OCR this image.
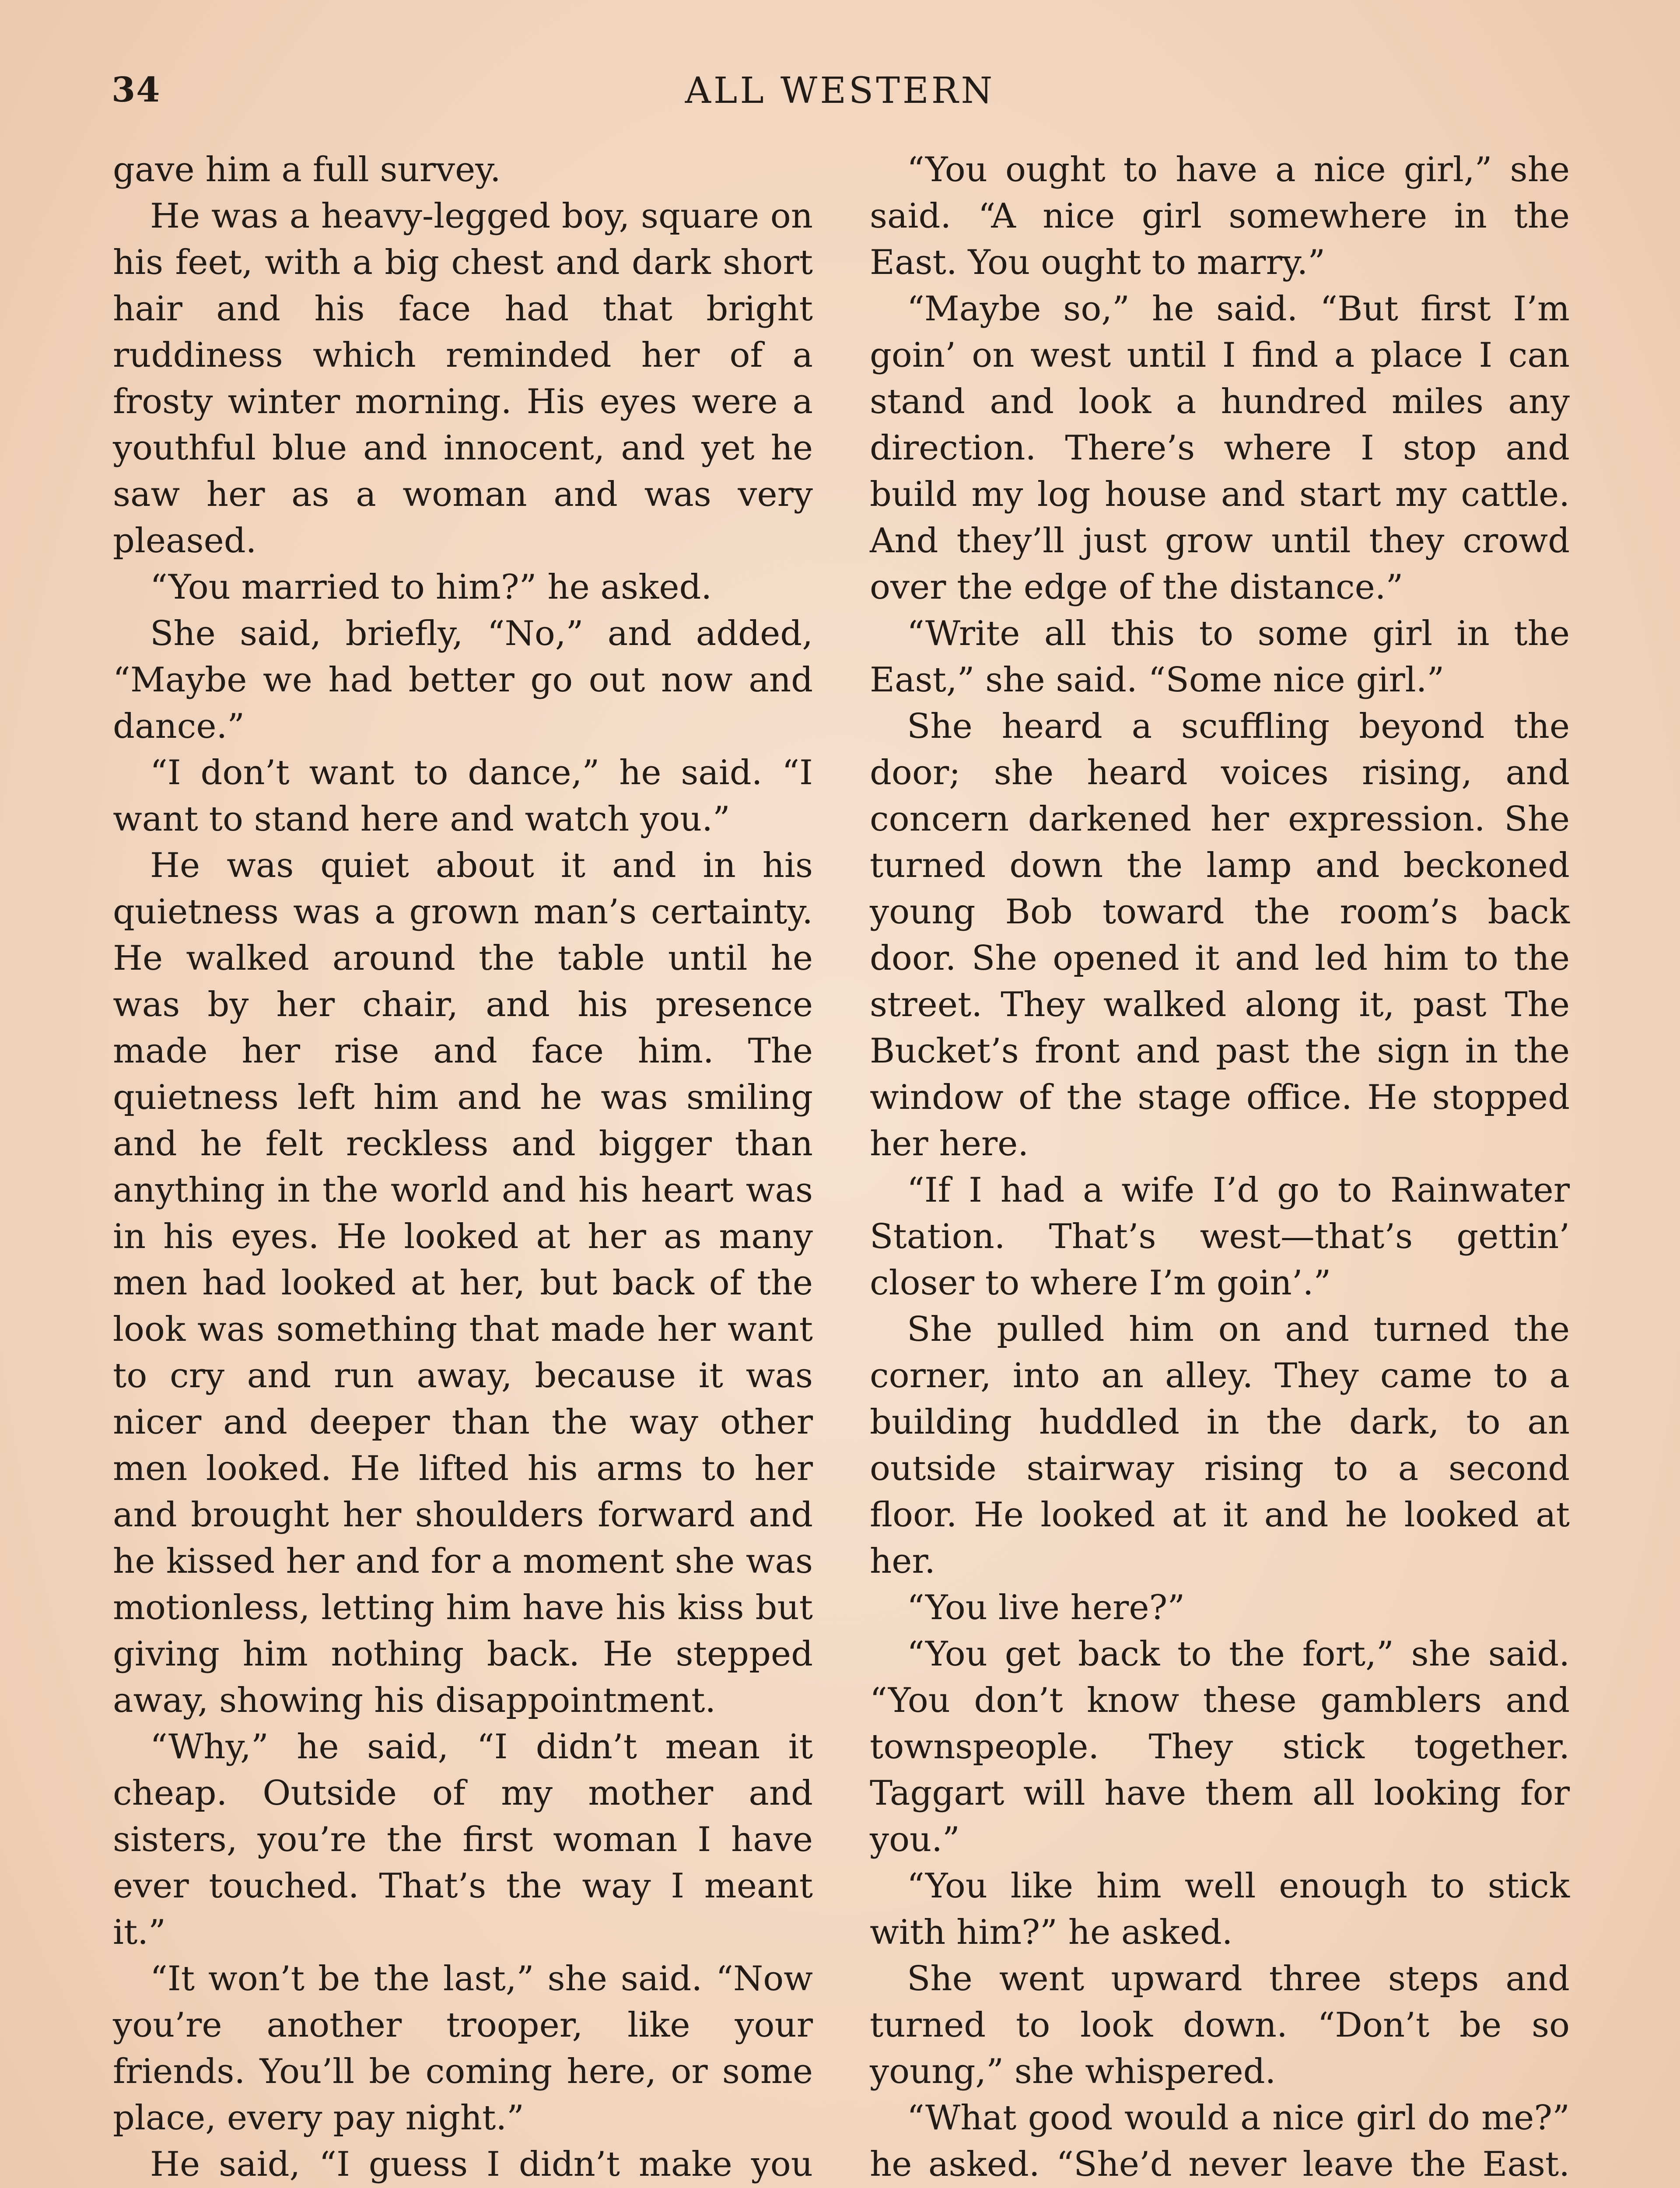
34	ALL WESTERN

gave him a full survey.

He was a heavy-legged boy, square on his feet, with a big chest and dark short hair and his face had that bright ruddiness which reminded her of a frosty winter morning. His eyes were a youthful blue and innocent, and yet he saw her as a woman and was very pleased.

“You married to him?” he asked.

She said, briefly, “No,” and added, “Maybe we had better go out now and dance.”

“I don’t want to dance,” he said. “I want to stand here and watch you.”

He was quiet about it and in his quietness was a grown man’s certainty. He walked around the table until he was by her chair, and his presence made her rise and face him. The quietness left him and he was smiling and he felt reckless and bigger than anything in the world and his heart was in his eyes. He looked at her as many men had looked at her, but back of the look was something that made her want to cry and run away, because it was nicer and deeper than the way other men looked. He lifted his arms to her and brought her shoulders forward and he kissed her and for a moment she was motionless, letting him have his kiss but giving him nothing back. He stepped away, showing his disappointment.

“Why,” he said, “I didn’t mean it cheap. Outside of my mother and sisters, you’re the first woman I have ever touched. That’s the way I meant it.”

“It won’t be the last,” she said. “Now you’re another trooper, like your friends. You’ll be coming here, or some place, every pay night.”

He said, “I guess I didn’t make you

“You ought to have a nice girl,” she said. “A nice girl somewhere in the East. You ought to marry.”

“Maybe so,” he said. “But first I’m goin’ on west until I find a place I can stand and look a hundred miles any direction. There’s where I stop and build my log house and start my cattle. And they’ll just grow until they crowd over the edge of the distance.”

“Write all this to some girl in the East,” she said. “Some nice girl.”

She heard a scuffling beyond the door; she heard voices rising, and concern darkened her expression. She turned down the lamp and beckoned young Bob toward the room’s back door. She opened it and led him to the street. They walked along it, past The Bucket’s front and past the sign in the window of the stage office. He stopped her here.

“If I had a wife I’d go to Rainwater Station. That’s west—that’s gettin’ closer to where I’m goin’.”

She pulled him on and turned the corner, into an alley. They came to a building huddled in the dark, to an outside stairway rising to a second floor. He looked at it and he looked at her.

“You live here?”

“You get back to the fort,” she said. “You don’t know these gamblers and townspeople. They stick together. Taggart will have them all looking for you.”

“You like him well enough to stick with him?” he asked.

She went upward three steps and turned to look down. “Don’t be so young,” she whispered.

“What good would a nice girl do me?” he asked. “She’d never leave the East.
